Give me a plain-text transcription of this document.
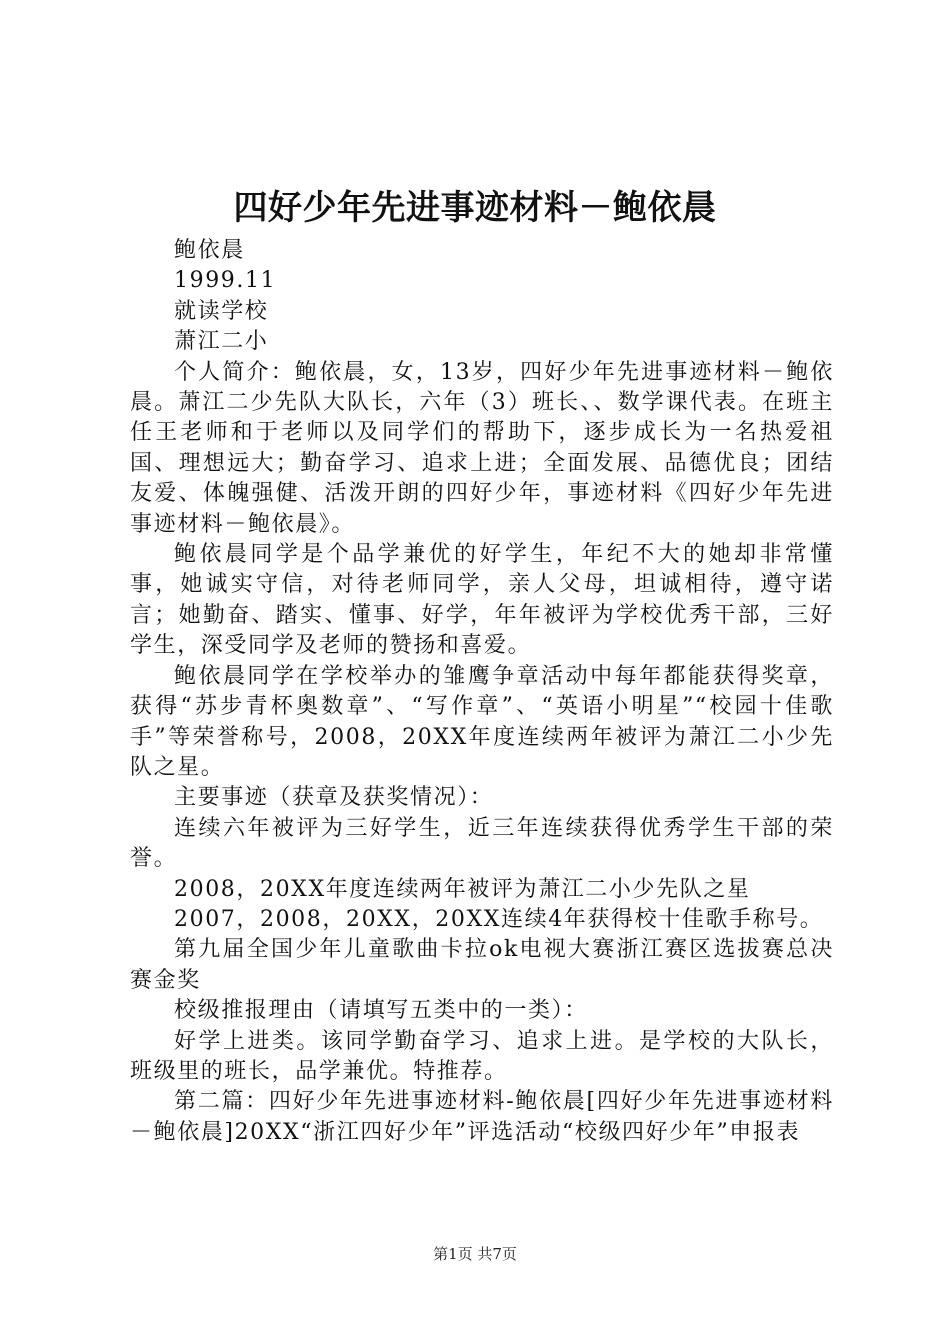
四好少年先进事迹材料－鲍依晨

鲍依晨

1999.11

就读学校

萧江二小

个人简介：鲍依晨，女，13岁，四好少年先进事迹材料－鲍依晨。萧江二少先队大队长，六年（3）班长、、数学课代表。在班主任王老师和于老师以及同学们的帮助下，逐步成长为一名热爱祖国、理想远大；勤奋学习、追求上进；全面发展、品德优良；团结友爱、体魄强健、活泼开朗的四好少年，事迹材料《四好少年先进事迹材料－鲍依晨》。

鲍依晨同学是个品学兼优的好学生，年纪不大的她却非常懂事，她诚实守信，对待老师同学，亲人父母，坦诚相待，遵守诺言；她勤奋、踏实、懂事、好学，年年被评为学校优秀干部，三好学生，深受同学及老师的赞扬和喜爱。

鲍依晨同学在学校举办的雏鹰争章活动中每年都能获得奖章，获得“苏步青杯奥数章”、“写作章”、“英语小明星”“校园十佳歌手”等荣誉称号，2008，20XX年度连续两年被评为萧江二小少先队之星。

主要事迹（获章及获奖情况）：

连续六年被评为三好学生，近三年连续获得优秀学生干部的荣誉。

2008，20XX年度连续两年被评为萧江二小少先队之星

2007，2008，20XX，20XX连续4年获得校十佳歌手称号。

第九届全国少年儿童歌曲卡拉ok电视大赛浙江赛区选拔赛总决赛金奖

校级推报理由（请填写五类中的一类）：

好学上进类。该同学勤奋学习、追求上进。是学校的大队长，班级里的班长，品学兼优。特推荐。

第二篇：四好少年先进事迹材料-鲍依晨[四好少年先进事迹材料－鲍依晨]20XX“浙江四好少年”评选活动“校级四好少年”申报表

第1页 共7页
